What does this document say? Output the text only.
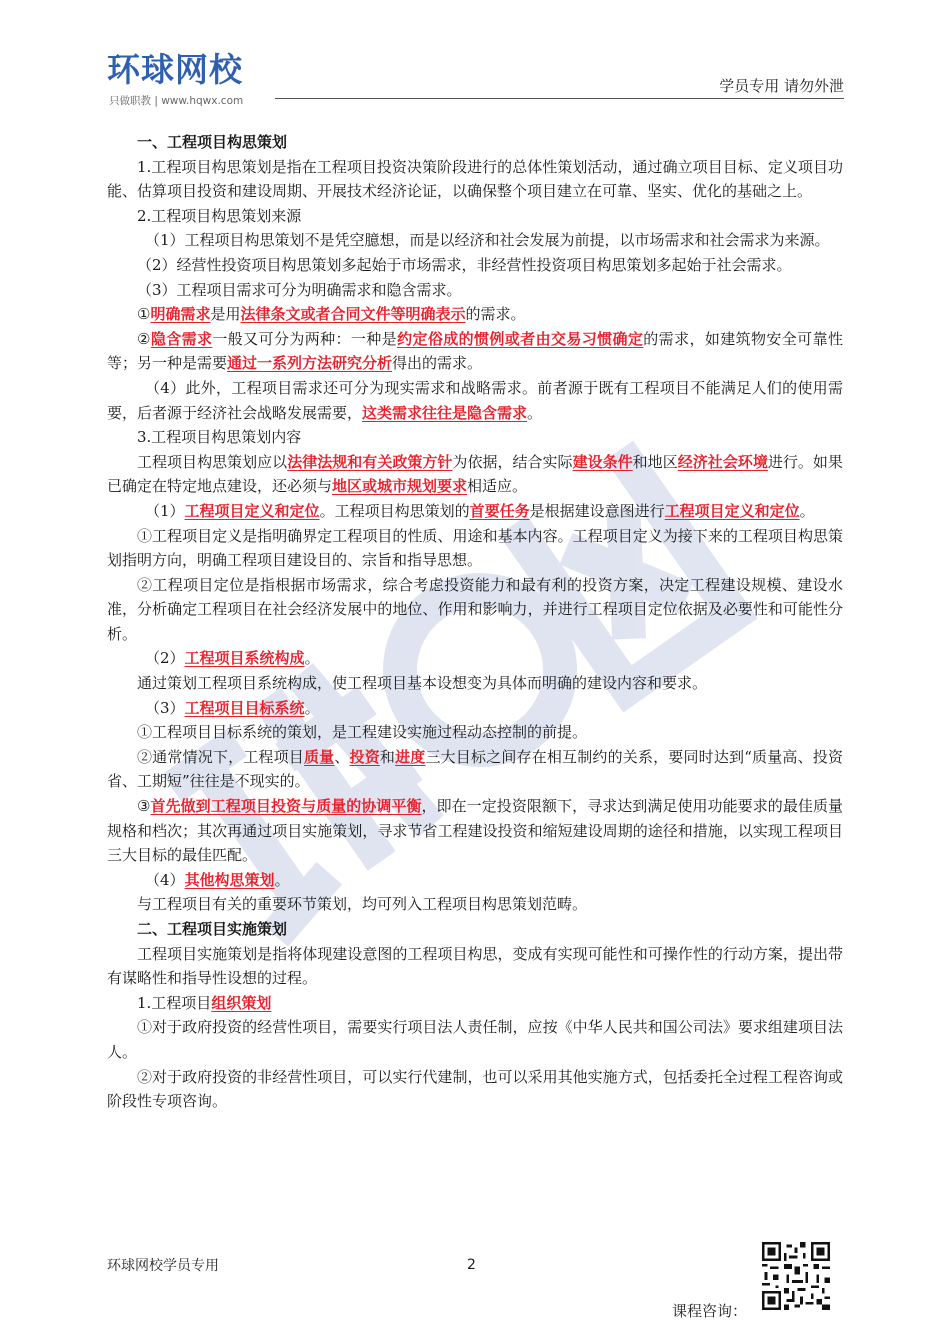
环球网校
只做职教 | www.hqwx.com
学员专用 请勿外泄
一、工程项目构思策划

1.工程项目构思策划是指在工程项目投资决策阶段进行的总体性策划活动，通过确立项目目标、定义项目功能、估算项目投资和建设周期、开展技术经济论证，以确保整个项目建立在可靠、坚实、优化的基础之上。

2.工程项目构思策划来源

（1）工程项目构思策划不是凭空臆想，而是以经济和社会发展为前提，以市场需求和社会需求为来源。

（2）经营性投资项目构思策划多起始于市场需求，非经营性投资项目构思策划多起始于社会需求。

（3）工程项目需求可分为明确需求和隐含需求。

①明确需求是用法律条文或者合同文件等明确表示的需求。

②隐含需求一般又可分为两种：一种是约定俗成的惯例或者由交易习惯确定的需求，如建筑物安全可靠性等；另一种是需要通过一系列方法研究分析得出的需求。

（4）此外，工程项目需求还可分为现实需求和战略需求。前者源于既有工程项目不能满足人们的使用需要，后者源于经济社会战略发展需要，这类需求往往是隐含需求。

3.工程项目构思策划内容

工程项目构思策划应以法律法规和有关政策方针为依据，结合实际建设条件和地区经济社会环境进行。如果已确定在特定地点建设，还必须与地区或城市规划要求相适应。

（1）工程项目定义和定位。工程项目构思策划的首要任务是根据建设意图进行工程项目定义和定位。

①工程项目定义是指明确界定工程项目的性质、用途和基本内容。工程项目定义为接下来的工程项目构思策划指明方向，明确工程项目建设目的、宗旨和指导思想。

②工程项目定位是指根据市场需求，综合考虑投资能力和最有利的投资方案，决定工程建设规模、建设水准，分析确定工程项目在社会经济发展中的地位、作用和影响力，并进行工程项目定位依据及必要性和可能性分析。

（2）工程项目系统构成。

通过策划工程项目系统构成，使工程项目基本设想变为具体而明确的建设内容和要求。

（3）工程项目目标系统。

①工程项目目标系统的策划，是工程建设实施过程动态控制的前提。

②通常情况下，工程项目质量、投资和进度三大目标之间存在相互制约的关系，要同时达到“质量高、投资省、工期短”往往是不现实的。

③首先做到工程项目投资与质量的协调平衡，即在一定投资限额下，寻求达到满足使用功能要求的最佳质量规格和档次；其次再通过项目实施策划，寻求节省工程建设投资和缩短建设周期的途径和措施，以实现工程项目三大目标的最佳匹配。

（4）其他构思策划。

与工程项目有关的重要环节策划，均可列入工程项目构思策划范畴。

二、工程项目实施策划

工程项目实施策划是指将体现建设意图的工程项目构思，变成有实现可能性和可操作性的行动方案，提出带有谋略性和指导性设想的过程。

1.工程项目组织策划

①对于政府投资的经营性项目，需要实行项目法人责任制，应按《中华人民共和国公司法》要求组建项目法人。

②对于政府投资的非经营性项目，可以实行代建制，也可以采用其他实施方式，包括委托全过程工程咨询或阶段性专项咨询。

环球网校学员专用	2
课程咨询：
